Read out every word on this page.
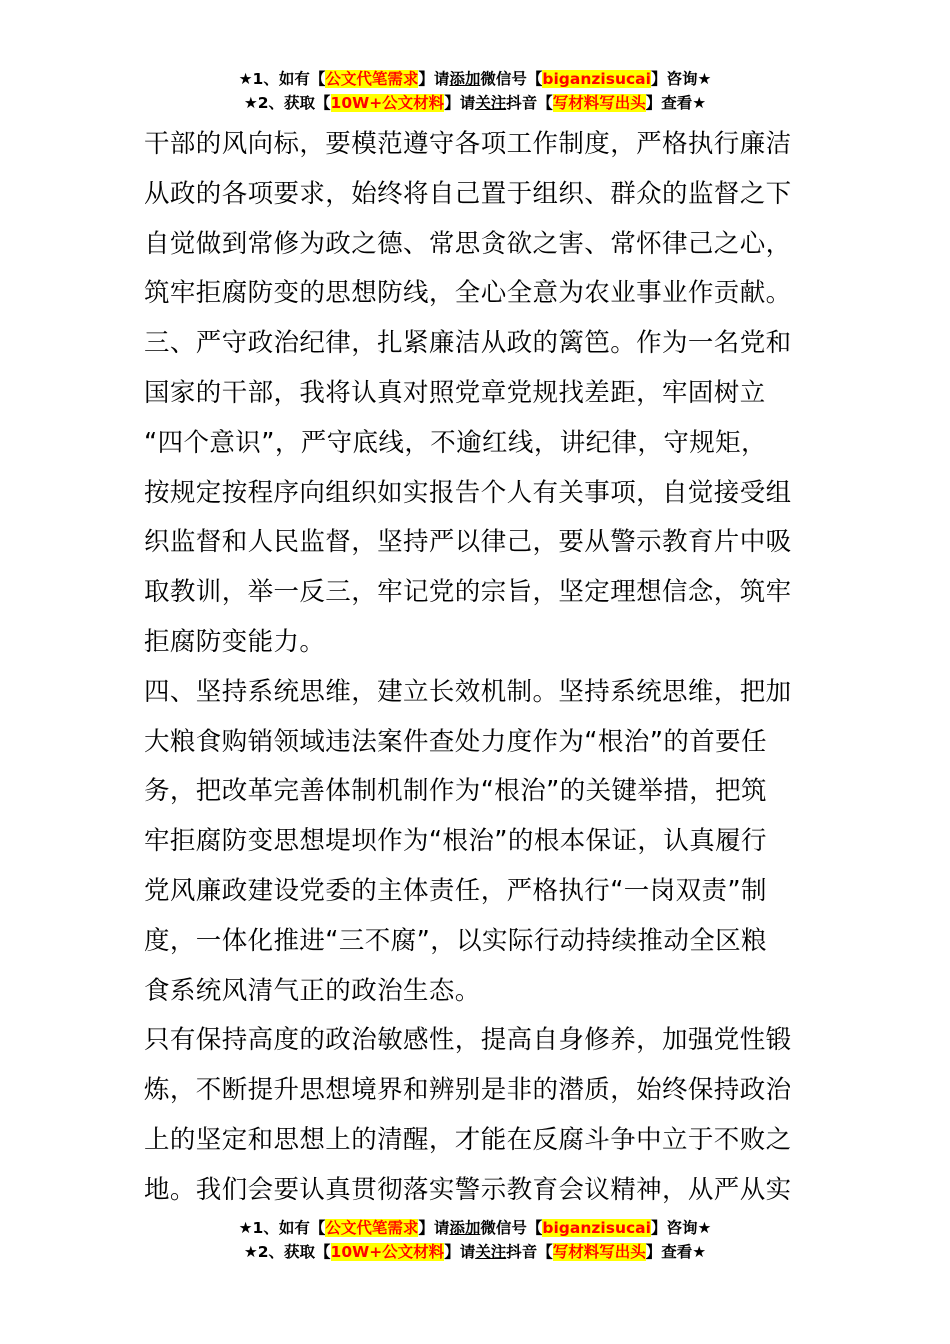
★1、如有【公文代笔需求】请添加微信号【biganzisucai】咨询★
★2、获取【10W+公文材料】请关注抖音【写材料写出头】查看★
干部的风向标，要模范遵守各项工作制度，严格执行廉洁
从政的各项要求，始终将自己置于组织、群众的监督之下
自觉做到常修为政之德、常思贪欲之害、常怀律己之心，
筑牢拒腐防变的思想防线，全心全意为农业事业作贡献。
三、严守政治纪律，扎紧廉洁从政的篱笆。作为一名党和
国家的干部，我将认真对照党章党规找差距，牢固树立
“四个意识”，严守底线，不逾红线，讲纪律，守规矩，
按规定按程序向组织如实报告个人有关事项，自觉接受组
织监督和人民监督，坚持严以律己，要从警示教育片中吸
取教训，举一反三，牢记党的宗旨，坚定理想信念，筑牢
拒腐防变能力。
四、坚持系统思维，建立长效机制。坚持系统思维，把加
大粮食购销领域违法案件查处力度作为“根治”的首要任
务，把改革完善体制机制作为“根治”的关键举措，把筑
牢拒腐防变思想堤坝作为“根治”的根本保证，认真履行
党风廉政建设党委的主体责任，严格执行“一岗双责”制
度，一体化推进“三不腐”，以实际行动持续推动全区粮
食系统风清气正的政治生态。
只有保持高度的政治敏感性，提高自身修养，加强党性锻
炼，不断提升思想境界和辨别是非的潜质，始终保持政治
上的坚定和思想上的清醒，才能在反腐斗争中立于不败之
地。我们会要认真贯彻落实警示教育会议精神，从严从实
★1、如有【公文代笔需求】请添加微信号【biganzisucai】咨询★
★2、获取【10W+公文材料】请关注抖音【写材料写出头】查看★
